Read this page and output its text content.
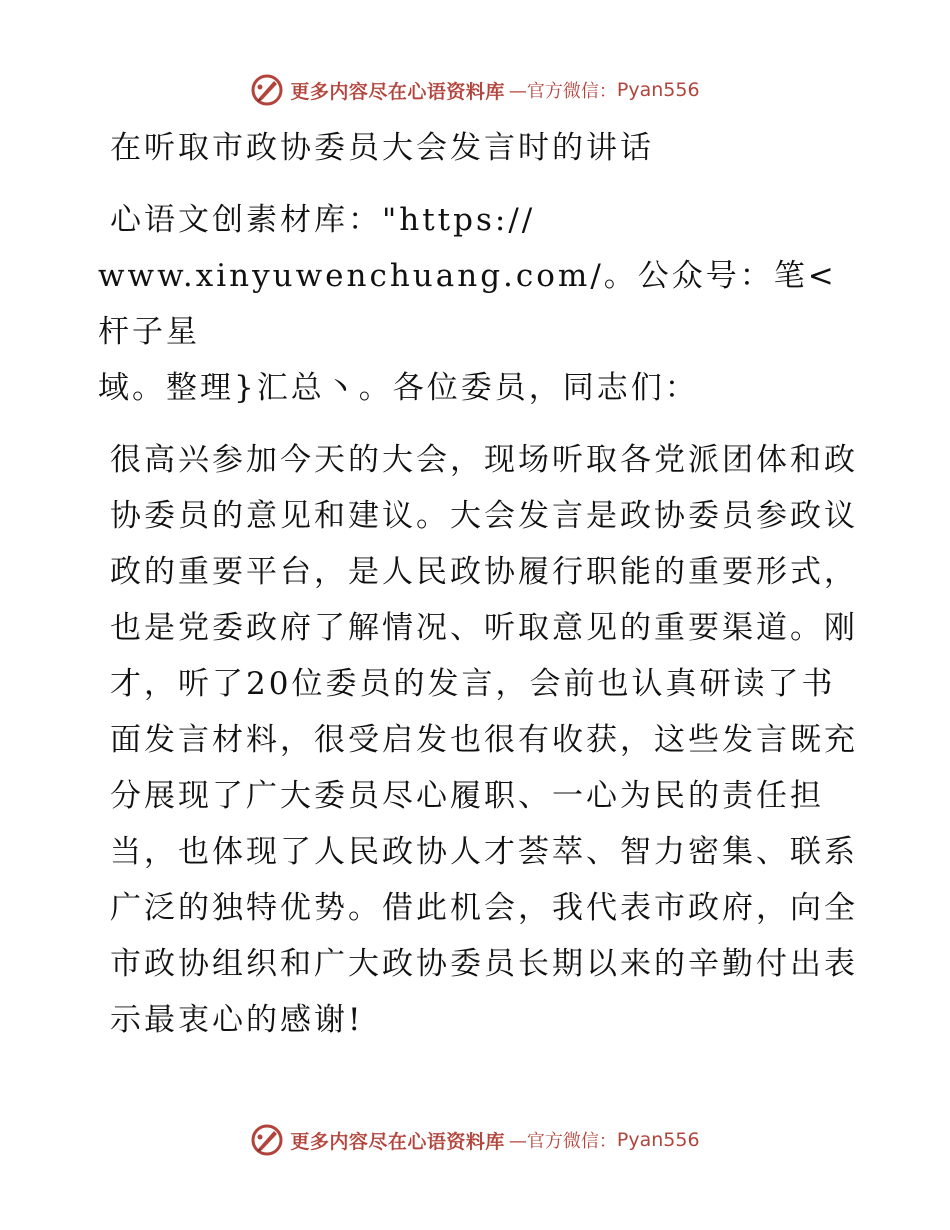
更多内容尽在心语资料库 —官方微信： Pyan556
在听取市政协委员大会发言时的讲话
心语文创素材库："https://
www.xinyuwenchuang.com/。公众号：笔<杆子星
域。整理}汇总丶。各位委员，同志们：
很高兴参加今天的大会，现场听取各党派团体和政协委员的意见和建议。大会发言是政协委员参政议政的重要平台，是人民政协履行职能的重要形式，也是党委政府了解情况、听取意见的重要渠道。刚才，听了20位委员的发言，会前也认真研读了书面发言材料，很受启发也很有收获，这些发言既充分展现了广大委员尽心履职、一心为民的责任担当，也体现了人民政协人才荟萃、智力密集、联系广泛的独特优势。借此机会，我代表市政府，向全市政协组织和广大政协委员长期以来的辛勤付出表示最衷心的感谢!
更多内容尽在心语资料库 —官方微信： Pyan556
